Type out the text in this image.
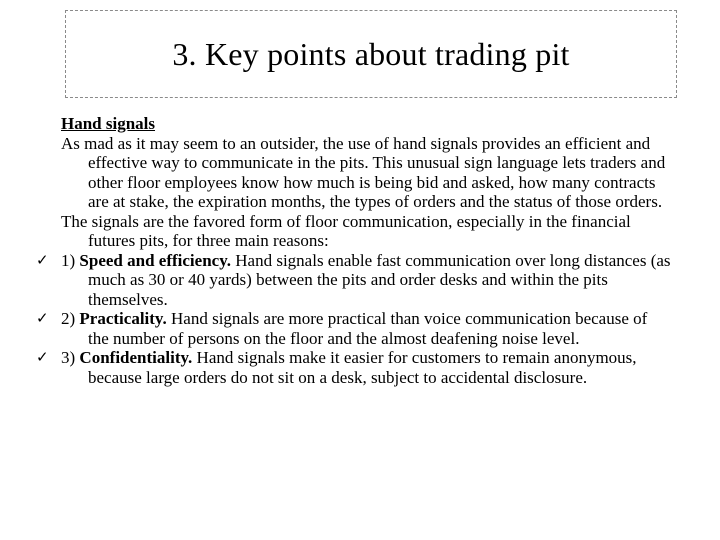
3. Key points about trading pit

Hand signals

As mad as it may seem to an outsider, the use of hand signals provides an efficient and effective way to communicate in the pits. This unusual sign language lets traders and other floor employees know how much is being bid and asked, how many contracts are at stake, the expiration months, the types of orders and the status of those orders.

The signals are the favored form of floor communication, especially in the financial futures pits, for three main reasons:

✓ 1) Speed and efficiency. Hand signals enable fast communication over long distances (as much as 30 or 40 yards) between the pits and order desks and within the pits themselves.

✓ 2) Practicality. Hand signals are more practical than voice communication because of the number of persons on the floor and the almost deafening noise level.

✓ 3) Confidentiality. Hand signals make it easier for customers to remain anonymous, because large orders do not sit on a desk, subject to accidental disclosure.
